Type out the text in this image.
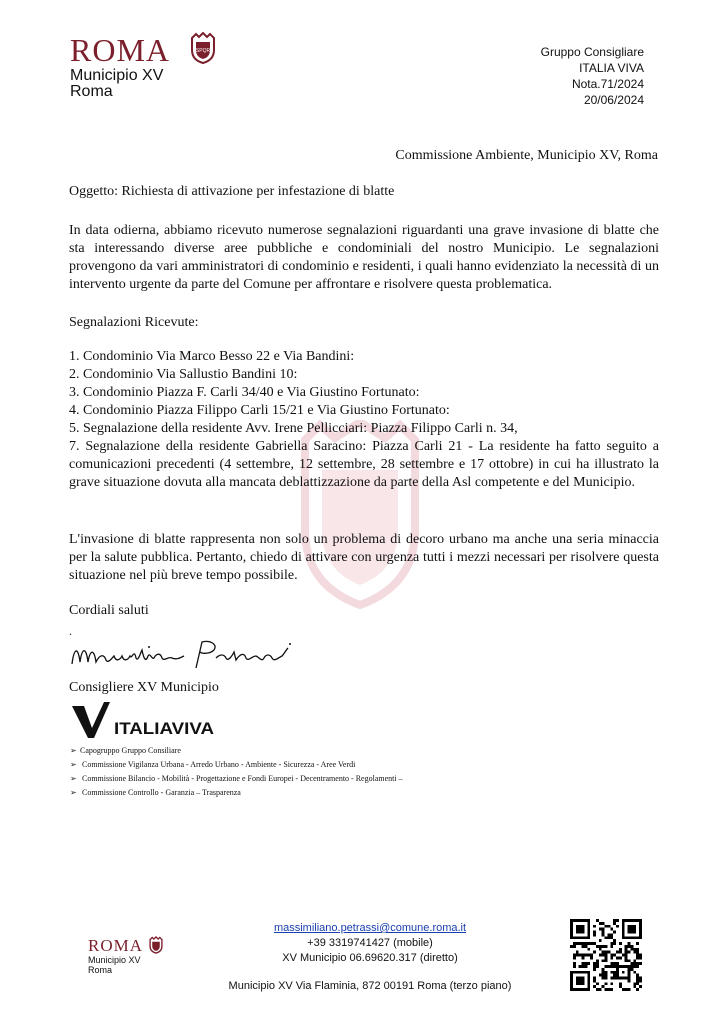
ROMA
Municipio XV
Roma
SPQR	Gruppo Consigliare
ITALIA VIVA
Nota.71/2024
20/06/2024
Commissione Ambiente, Municipio XV, Roma
Oggetto: Richiesta di attivazione per infestazione di blatte
In data odierna, abbiamo ricevuto numerose segnalazioni riguardanti una grave invasione di blatte che sta interessando diverse aree pubbliche e condominiali del nostro Municipio. Le segnalazioni provengono da vari amministratori di condominio e residenti, i quali hanno evidenziato la necessità di un intervento urgente da parte del Comune per affrontare e risolvere questa problematica.
Segnalazioni Ricevute:
1. Condominio Via Marco Besso 22 e Via Bandini:
2. Condominio Via Sallustio Bandini 10:
3. Condominio Piazza F. Carli 34/40 e Via Giustino Fortunato:
4. Condominio Piazza Filippo Carli 15/21 e Via Giustino Fortunato:
5. Segnalazione della residente Avv. Irene Pellicciari: Piazza Filippo Carli n. 34,
7. Segnalazione della residente Gabriella Saracino: Piazza Carli 21 - La residente ha fatto seguito a comunicazioni precedenti (4 settembre, 12 settembre, 28 settembre e 17 ottobre) in cui ha illustrato la grave situazione dovuta alla mancata deblattizzazione da parte della Asl competente e del Municipio.
L'invasione di blatte rappresenta non solo un problema di decoro urbano ma anche una seria minaccia per la salute pubblica. Pertanto, chiedo di attivare con urgenza tutti i mezzi necessari per risolvere questa situazione nel più breve tempo possibile.
Cordiali saluti
.
Consigliere XV Municipio
ITALIAVIVA
➢ Capogruppo Gruppo Consiliare
➢ Commissione Vigilanza Urbana - Arredo Urbano - Ambiente - Sicurezza - Aree Verdi
➢ Commissione Bilancio - Mobilità - Progettazione e Fondi Europei - Decentramento - Regolamenti –
➢ Commissione Controllo - Garanzia – Trasparenza
ROMA
Municipio XV
Roma
massimiliano.petrassi@comune.roma.it
+39 3319741427 (mobile)
XV Municipio 06.69620.317 (diretto)
Municipio XV Via Flaminia, 872 00191 Roma (terzo piano)
